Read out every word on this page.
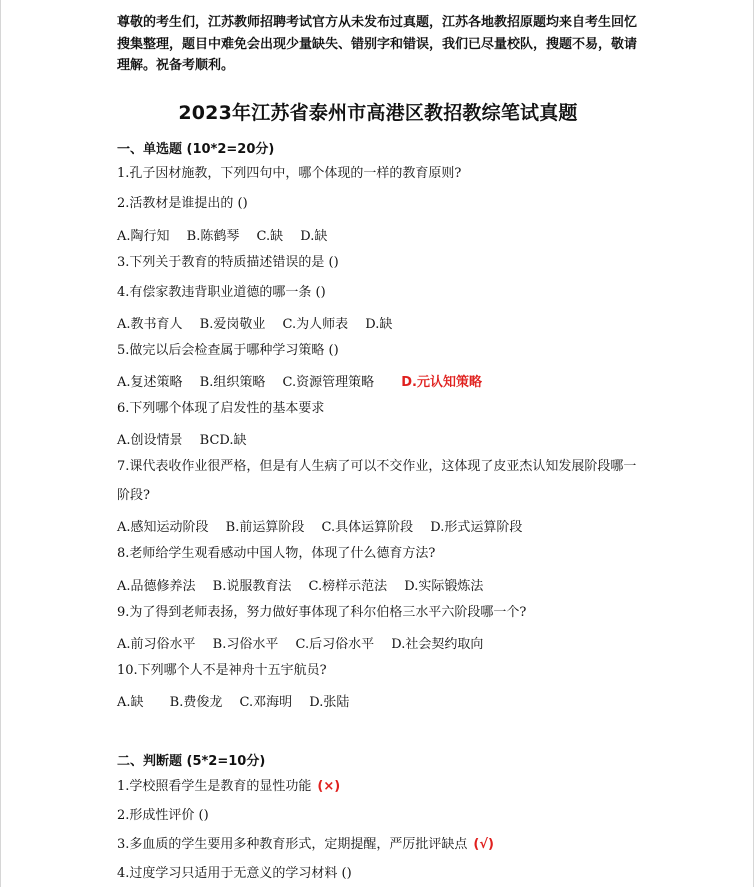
尊敬的考生们，江苏教师招聘考试官方从未发布过真题，江苏各地教招原题均来自考生回忆搜集整理，题目中难免会出现少量缺失、错别字和错误，我们已尽量校队，搜题不易，敬请理解。祝备考顺利。

2023年江苏省泰州市高港区教招教综笔试真题

一、单选题 (10*2=20分)

1.孔子因材施教，下列四句中，哪个体现的一样的教育原则?

2.活教材是谁提出的 ()

A.陶行知 B.陈鹤琴 C.缺 D.缺

3.下列关于教育的特质描述错误的是 ()

4.有偿家教违背职业道德的哪一条 ()

A.教书育人 B.爱岗敬业 C.为人师表 D.缺

5.做完以后会检查属于哪种学习策略 ()

A.复述策略 B.组织策略 C.资源管理策略 D.元认知策略

6.下列哪个体现了启发性的基本要求

A.创设情景 BCD.缺

7.课代表收作业很严格，但是有人生病了可以不交作业，这体现了皮亚杰认知发展阶段哪一

阶段?

A.感知运动阶段 B.前运算阶段 C.具体运算阶段 D.形式运算阶段

8.老师给学生观看感动中国人物，体现了什么德育方法?

A.品德修养法 B.说服教育法 C.榜样示范法 D.实际锻炼法

9.为了得到老师表扬，努力做好事体现了科尔伯格三水平六阶段哪一个?

A.前习俗水平 B.习俗水平 C.后习俗水平 D.社会契约取向

10.下列哪个人不是神舟十五宇航员?

A.缺 B.费俊龙 C.邓海明 D.张陆

二、判断题 (5*2=10分)

1.学校照看学生是教育的显性功能 (×)

2.形成性评价 ()

3.多血质的学生要用多种教育形式，定期提醒，严厉批评缺点 (√)

4.过度学习只适用于无意义的学习材料 ()
